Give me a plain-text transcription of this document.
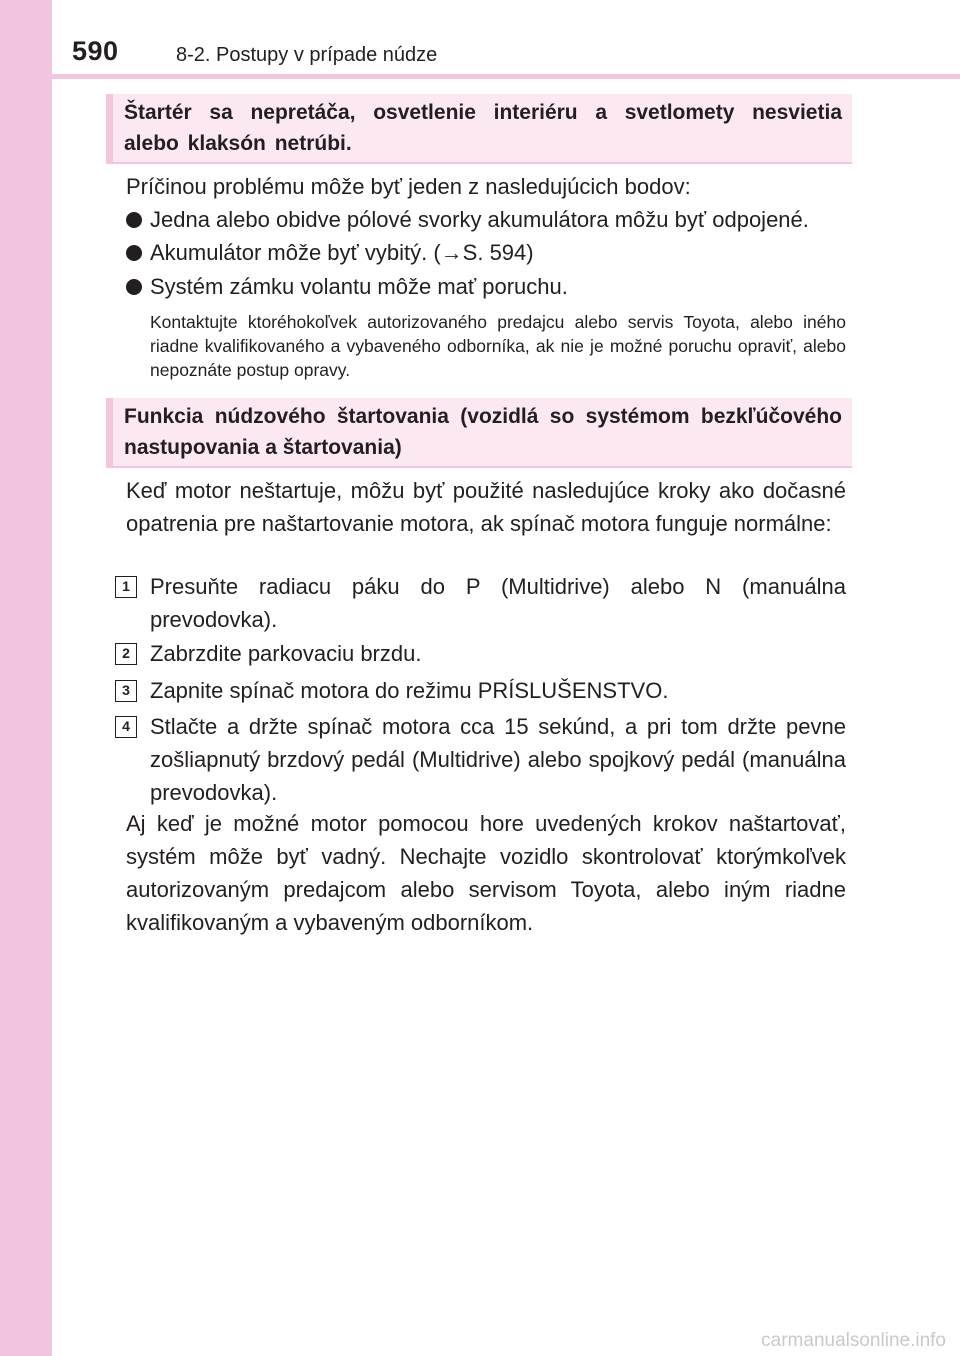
590	8-2. Postupy v prípade núdze
Štartér sa nepretáča, osvetlenie interiéru a svetlomety nesvietia alebo klaksón netrúbi.
Príčinou problému môže byť jeden z nasledujúcich bodov:
Jedna alebo obidve pólové svorky akumulátora môžu byť odpojené.
Akumulátor môže byť vybitý. (→S. 594)
Systém zámku volantu môže mať poruchu.
Kontaktujte ktoréhokoľvek autorizovaného predajcu alebo servis Toyota, alebo iného riadne kvalifikovaného a vybaveného odborníka, ak nie je možné poruchu opraviť, alebo nepoznáte postup opravy.
Funkcia núdzového štartovania (vozidlá so systémom bezkľúčového nastupovania a štartovania)
Keď motor neštartuje, môžu byť použité nasledujúce kroky ako dočasné opatrenia pre naštartovanie motora, ak spínač motora funguje normálne:
1 Presuňte radiacu páku do P (Multidrive) alebo N (manuálna prevodovka).
2 Zabrzdite parkovaciu brzdu.
3 Zapnite spínač motora do režimu PRÍSLUŠENSTVO.
4 Stlačte a držte spínač motora cca 15 sekúnd, a pri tom držte pevne zošliapnutý brzdový pedál (Multidrive) alebo spojkový pedál (manuálna prevodovka).
Aj keď je možné motor pomocou hore uvedených krokov naštartovať, systém môže byť vadný. Nechajte vozidlo skontrolovať ktorýmkoľvek autorizovaným predajcom alebo servisom Toyota, alebo iným riadne kvalifikovaným a vybaveným odborníkom.
carmanualsonline.info
